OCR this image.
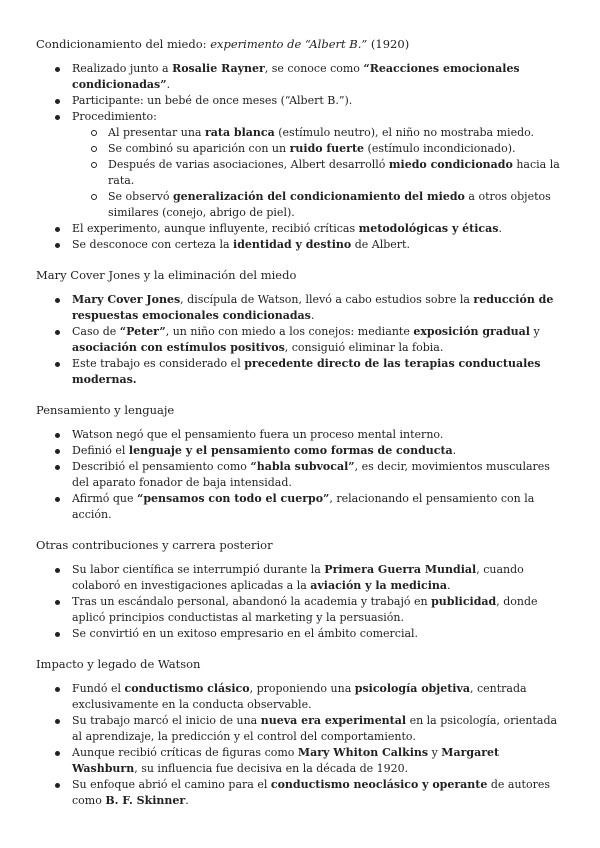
Condicionamiento del miedo: experimento de “Albert B.” (1920)

Realizado junto a Rosalie Rayner, se conoce como “Reacciones emocionales condicionadas”.
Participante: un bebé de once meses (“Albert B.”).
Procedimiento:
Al presentar una rata blanca (estímulo neutro), el niño no mostraba miedo.
Se combinó su aparición con un ruido fuerte (estímulo incondicionado).
Después de varias asociaciones, Albert desarrolló miedo condicionado hacia la rata.
Se observó generalización del condicionamiento del miedo a otros objetos similares (conejo, abrigo de piel).
El experimento, aunque influyente, recibió críticas metodológicas y éticas.
Se desconoce con certeza la identidad y destino de Albert.

Mary Cover Jones y la eliminación del miedo

Mary Cover Jones, discípula de Watson, llevó a cabo estudios sobre la reducción de respuestas emocionales condicionadas.
Caso de “Peter”, un niño con miedo a los conejos: mediante exposición gradual y asociación con estímulos positivos, consiguió eliminar la fobia.
Este trabajo es considerado el precedente directo de las terapias conductuales modernas.

Pensamiento y lenguaje

Watson negó que el pensamiento fuera un proceso mental interno.
Definió el lenguaje y el pensamiento como formas de conducta.
Describió el pensamiento como “habla subvocal”, es decir, movimientos musculares del aparato fonador de baja intensidad.
Afirmó que “pensamos con todo el cuerpo”, relacionando el pensamiento con la acción.

Otras contribuciones y carrera posterior

Su labor científica se interrumpió durante la Primera Guerra Mundial, cuando colaboró en investigaciones aplicadas a la aviación y la medicina.
Tras un escándalo personal, abandonó la academia y trabajó en publicidad, donde aplicó principios conductistas al marketing y la persuasión.
Se convirtió en un exitoso empresario en el ámbito comercial.

Impacto y legado de Watson

Fundó el conductismo clásico, proponiendo una psicología objetiva, centrada exclusivamente en la conducta observable.
Su trabajo marcó el inicio de una nueva era experimental en la psicología, orientada al aprendizaje, la predicción y el control del comportamiento.
Aunque recibió críticas de figuras como Mary Whiton Calkins y Margaret Washburn, su influencia fue decisiva en la década de 1920.
Su enfoque abrió el camino para el conductismo neoclásico y operante de autores como B. F. Skinner.
